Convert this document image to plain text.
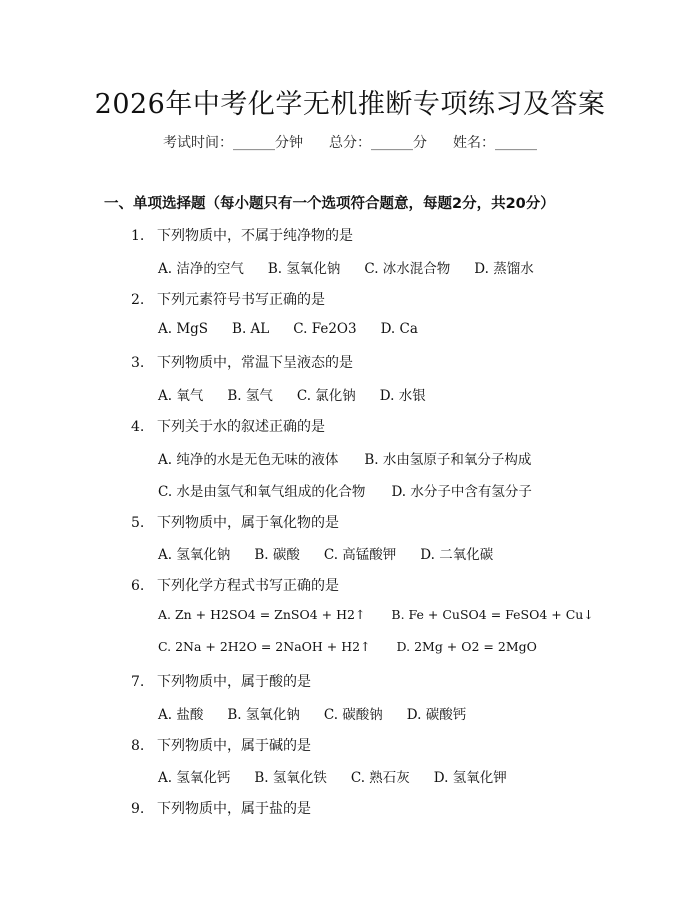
2026年中考化学无机推断专项练习及答案
考试时间：______分钟 总分：______分 姓名：______
一、单项选择题（每小题只有一个选项符合题意，每题2分，共20分）
1. 下列物质中，不属于纯净物的是
A. 洁净的空气 B. 氢氧化钠 C. 冰水混合物 D. 蒸馏水
2. 下列元素符号书写正确的是
A. MgS B. AL C. Fe2O3 D. Ca
3. 下列物质中，常温下呈液态的是
A. 氧气 B. 氢气 C. 氯化钠 D. 水银
4. 下列关于水的叙述正确的是
A. 纯净的水是无色无味的液体 B. 水由氢原子和氧分子构成
C. 水是由氢气和氧气组成的化合物 D. 水分子中含有氢分子
5. 下列物质中，属于氧化物的是
A. 氢氧化钠 B. 碳酸 C. 高锰酸钾 D. 二氧化碳
6. 下列化学方程式书写正确的是
A. Zn + H2SO4 = ZnSO4 + H2↑ B. Fe + CuSO4 = FeSO4 + Cu↓
C. 2Na + 2H2O = 2NaOH + H2↑ D. 2Mg + O2 = 2MgO
7. 下列物质中，属于酸的是
A. 盐酸 B. 氢氧化钠 C. 碳酸钠 D. 碳酸钙
8. 下列物质中，属于碱的是
A. 氢氧化钙 B. 氢氧化铁 C. 熟石灰 D. 氢氧化钾
9. 下列物质中，属于盐的是
